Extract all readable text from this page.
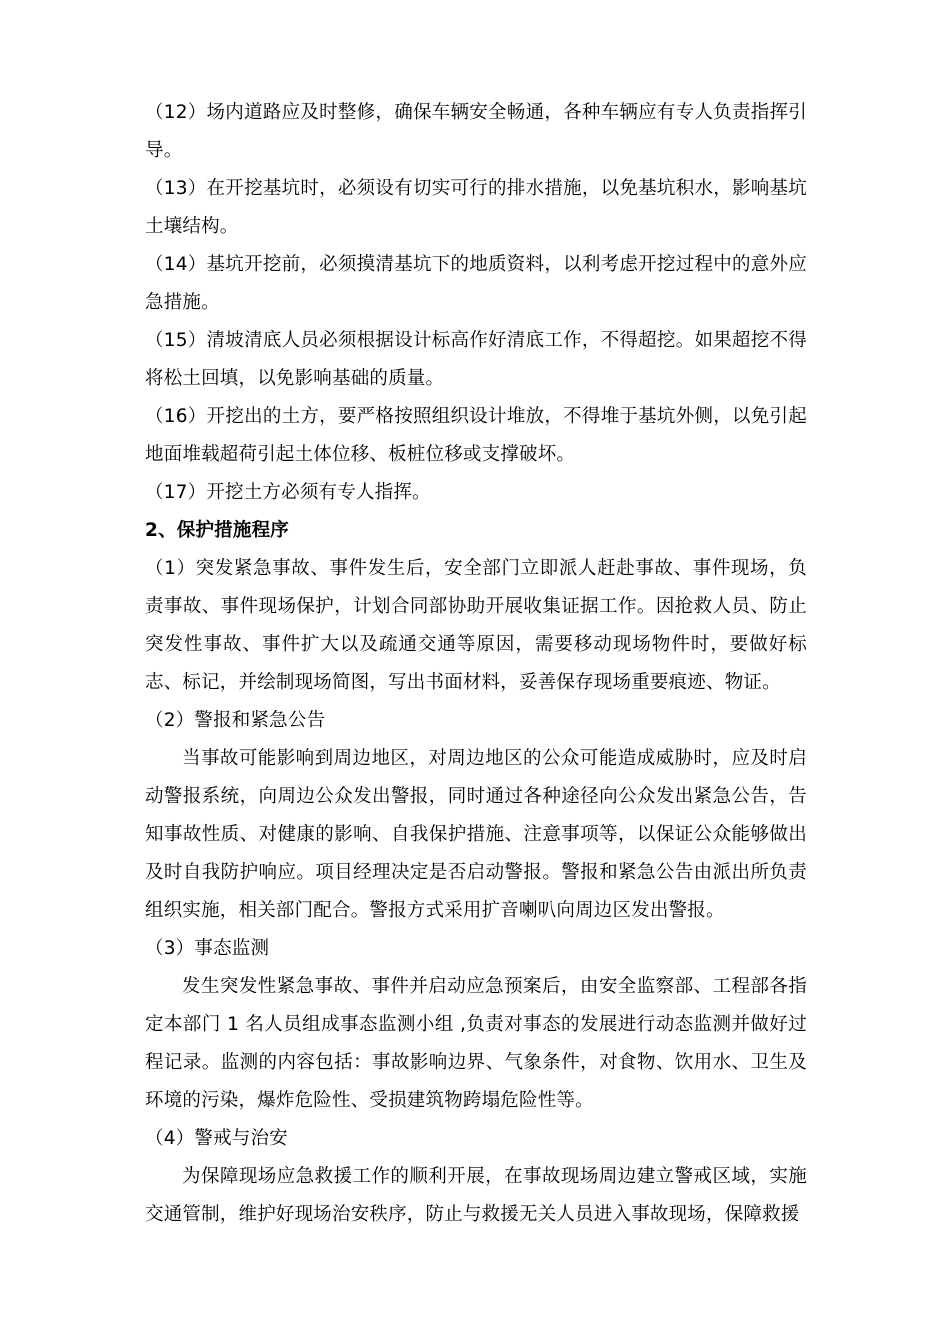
（12）场内道路应及时整修，确保车辆安全畅通，各种车辆应有专人负责指挥引导。

（13）在开挖基坑时，必须设有切实可行的排水措施，以免基坑积水，影响基坑土壤结构。

（14）基坑开挖前，必须摸清基坑下的地质资料，以利考虑开挖过程中的意外应急措施。

（15）清坡清底人员必须根据设计标高作好清底工作，不得超挖。如果超挖不得将松土回填，以免影响基础的质量。

（16）开挖出的土方，要严格按照组织设计堆放，不得堆于基坑外侧，以免引起地面堆载超荷引起土体位移、板桩位移或支撑破坏。

（17）开挖土方必须有专人指挥。

2、保护措施程序

（1）突发紧急事故、事件发生后，安全部门立即派人赶赴事故、事件现场，负责事故、事件现场保护，计划合同部协助开展收集证据工作。因抢救人员、防止突发性事故、事件扩大以及疏通交通等原因，需要移动现场物件时，要做好标志、标记，并绘制现场简图，写出书面材料，妥善保存现场重要痕迹、物证。

（2）警报和紧急公告

当事故可能影响到周边地区，对周边地区的公众可能造成威胁时，应及时启动警报系统，向周边公众发出警报，同时通过各种途径向公众发出紧急公告，告知事故性质、对健康的影响、自我保护措施、注意事项等，以保证公众能够做出及时自我防护响应。项目经理决定是否启动警报。警报和紧急公告由派出所负责组织实施，相关部门配合。警报方式采用扩音喇叭向周边区发出警报。

（3）事态监测

发生突发性紧急事故、事件并启动应急预案后，由安全监察部、工程部各指定本部门 1 名人员组成事态监测小组 ,负责对事态的发展进行动态监测并做好过程记录。监测的内容包括：事故影响边界、气象条件，对食物、饮用水、卫生及环境的污染，爆炸危险性、受损建筑物跨塌危险性等。

（4）警戒与治安

为保障现场应急救援工作的顺利开展，在事故现场周边建立警戒区域，实施交通管制，维护好现场治安秩序，防止与救援无关人员进入事故现场，保障救援
